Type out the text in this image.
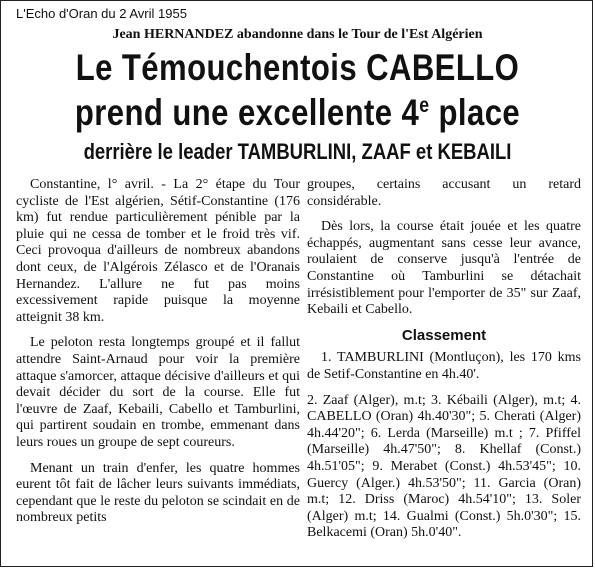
L'Echo d'Oran du 2 Avril 1955
Jean HERNANDEZ abandonne dans le Tour de l'Est Algérien
Le Témouchentois CABELLO
prend une excellente 4e place
derrière le leader TAMBURLINI, ZAAF et KEBAILI

Constantine, l° avril. - La 2° étape du Tour cycliste de l'Est algérien, Sétif-Constantine (176 km) fut rendue particulièrement pénible par la pluie qui ne cessa de tomber et le froid très vif. Ceci provoqua d'ailleurs de nombreux abandons dont ceux, de l'Algérois Zélasco et de l'Oranais Hernandez. L'allure ne fut pas moins excessivement rapide puisque la moyenne atteignit 38 km.

Le peloton resta longtemps groupé et il fallut attendre Saint-Arnaud pour voir la première attaque s'amorcer, attaque décisive d'ailleurs et qui devait décider du sort de la course. Elle fut l'œuvre de Zaaf, Kebaili, Cabello et Tamburlini, qui partirent soudain en trombe, emmenant dans leurs roues un groupe de sept coureurs.

Menant un train d'enfer, les quatre hommes eurent tôt fait de lâcher leurs suivants immédiats, cependant que le reste du peloton se scindait en de nombreux petits

groupes, certains accusant un retard considérable.

Dès lors, la course était jouée et les quatre échappés, augmentant sans cesse leur avance, roulaient de conserve jusqu'à l'entrée de Constantine où Tamburlini se détachait irrésistiblement pour l'emporter de 35" sur Zaaf, Kebaili et Cabello.

Classement

1. TAMBURLINI (Montluçon), les 170 kms de Setif-Constantine en 4h.40'.

2. Zaaf (Alger), m.t; 3. Kébaili (Alger), m.t; 4. CABELLO (Oran) 4h.40'30"; 5. Cherati (Alger) 4h.44'20"; 6. Lerda (Marseille) m.t ; 7. Pfiffel (Marseille) 4h.47'50"; 8. Khellaf (Const.) 4h.51'05"; 9. Merabet (Const.) 4h.53'45"; 10. Guercy (Alger.) 4h.53'50"; 11. Garcia (Oran) m.t; 12. Driss (Maroc) 4h.54'10"; 13. Soler (Alger) m.t; 14. Gualmi (Const.) 5h.0'30"; 15. Belkacemi (Oran) 5h.0'40".
